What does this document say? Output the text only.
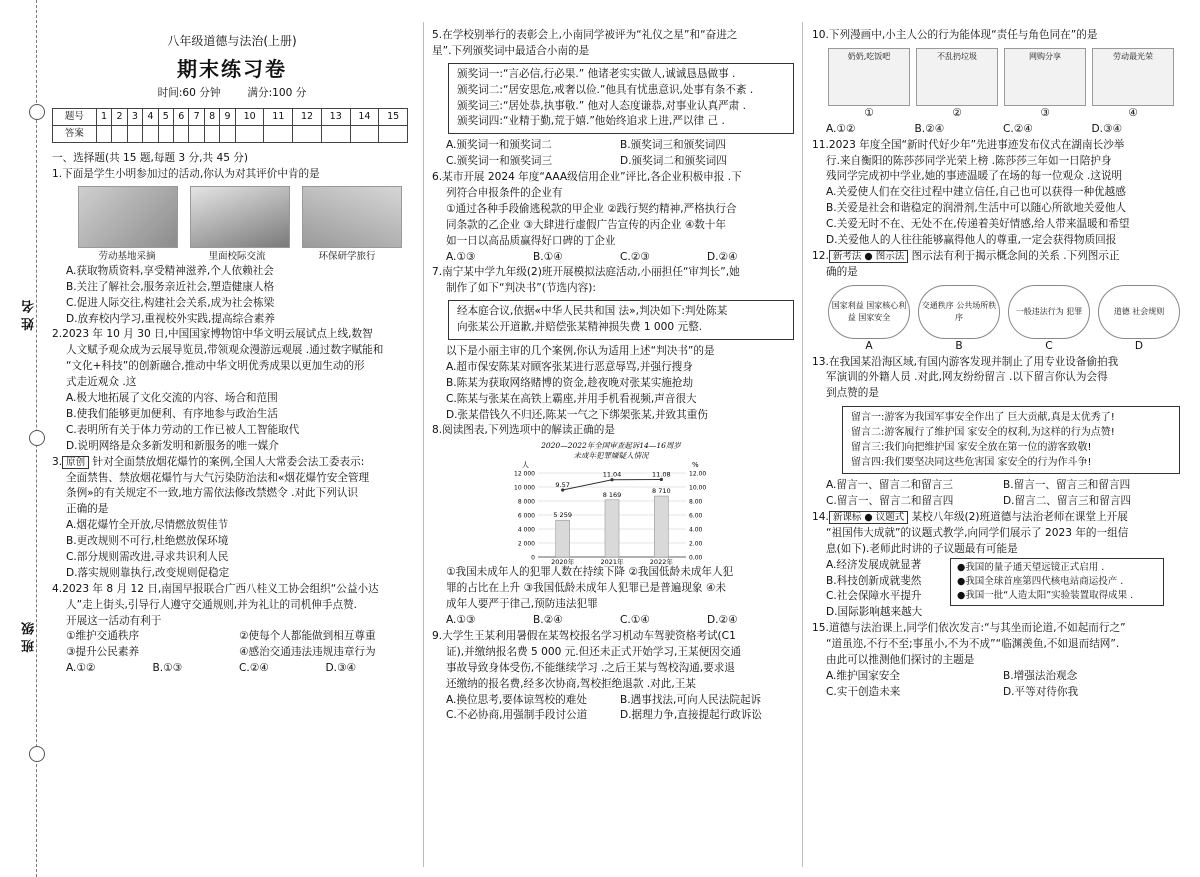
姓 名
班 级
八年级道德与法治(上册)
期末练习卷
时间:60 分钟	满分:100 分
题号	1	2	3	4	5	6	7	8	9	10	11	12	13	14	15
答案															

一、选择题(共 15 题,每题 3 分,共 45 分)

1.下面是学生小明参加过的活动,你认为对其评价中肯的是

劳动基地采摘	里面校际交流	环保研学旅行

A.获取物质资料,享受精神滋养,个人依赖社会

B.关注了解社会,服务亲近社会,塑造健康人格

C.促进人际交往,构建社会关系,成为社会栋梁

D.放弃校内学习,重视校外实践,提高综合素养

2.2023 年 10 月 30 日,中国国家博物馆中华文明云展试点上线,数智

人文赋予观众成为云展导览员,带领观众漫游远观展 .通过数字赋能和

“文化+科技”的创新融合,推动中华文明优秀成果以更加生动的形

式走近观众 .这

A.极大地拓展了文化交流的内容、场合和范围

B.使我们能够更加便利、有序地参与政治生活

C.表明所有关于体力劳动的工作已被人工智能取代

D.说明网络是众多新发明和新服务的唯一媒介

3. 原创 针对全面禁放烟花爆竹的案例,全国人大常委会法工委表示:

全面禁售、禁放烟花爆竹与大气污染防治法和«烟花爆竹安全管理

条例»的有关规定不一致,地方需依法修改禁燃令 .对此下列认识

正确的是

A.烟花爆竹全开放,尽情燃放贺佳节

B.更改规则不可行,杜绝燃放保环境

C.部分规则需改进,寻求共识利人民

D.落实规则靠执行,改变规则促稳定

4.2023 年 8 月 12 日,南国早报联合广西八桂义工协会组织“公益小达

人”走上街头,引导行人遵守交通规则,并为礼让的司机伸手点赞.

开展这一活动有利于

①维护交通秩序	②使每个人都能做到相互尊重
③提升公民素养	④感治交通违法违规违章行为
A.①②	B.①③	C.②④	D.③④

5.在学校别举行的表彰会上,小南同学被评为“礼仪之星”和“奋进之

星”.下列颁奖词中最适合小南的是

颁奖词一:“言必信,行必果.” 他诸老实实做人,诚诚恳恳做事 .

颁奖词二:“居安思危,戒奢以俭.”他具有忧患意识,处事有条不紊 .

颁奖词三:“居处恭,执事敬.” 他对人态度谦恭,对事业认真严肃 .

颁奖词四:“业精于勤,荒于嬉.”他始终追求上进,严以律 己 .

A.颁奖词一和颁奖词二	B.颁奖词三和颁奖词四
C.颁奖词一和颁奖词三	D.颁奖词二和颁奖词四

6.某市开展 2024 年度“AAA级信用企业”评比,各企业积极申报 .下

列符合申报条件的企业有

①通过各种手段偷逃税款的甲企业 ②践行契约精神,严格执行合

同条款的乙企业 ③大肆进行虚假广告宣传的丙企业 ④数十年

如一日以高品质赢得好口碑的丁企业

A.①③	B.①④	C.②③	D.②④

7.南宁某中学九年级(2)班开展模拟法庭活动,小丽担任“审判长”,她

制作了如下“判决书”(节选内容):

经本庭合议,依据«中华人民共和国 法»,判决如下:判处陈某

向张某公开道歉,并赔偿张某精神损失费 1 000 元整.

以下是小丽主审的几个案例,你认为适用上述“判决书”的是

A.超市保安陈某对顾客张某进行恶意辱骂,并强行搜身

B.陈某为获取网络赌博的资金,趁夜晚对张某实施抢劫

C.陈某与张某在高铁上霸座,并用手机看视频,声音很大

D.张某借钱久不归还,陈某一气之下绑架张某,并致其重伤

8.阅读图表,下列选项中的解读正确的是

2020—2022年全国审查起诉14—16周岁
未成年犯罪嫌疑人情况
人	%
0	0.00
2 000	2.00
4 000	4.00
6 000	6.00
8 000	8.00
10 000	10.00
12 000	12.00
5 259
2020年
8 169
2021年
8 710
2022年
9.57
11.04	11.08

①我国未成年人的犯罪人数在持续下降 ②我国低龄未成年人犯

罪的占比在上升 ③我国低龄未成年人犯罪已是普遍现象 ④未

成年人要严于律己,预防违法犯罪

A.①③	B.②④	C.①④	D.②④

9.大学生王某利用暑假在某驾校报名学习机动车驾驶资格考试(C1

证),并缴纳报名费 5 000 元.但还未正式开始学习,王某便因交通

事故导致身体受伤,不能继续学习 .之后王某与驾校沟通,要求退

还缴纳的报名费,经多次协商,驾校拒绝退款 .对此,王某

A.换位思考,要体谅驾校的难处	B.遇事找法,可向人民法院起诉
C.不必协商,用强制手段讨公道	D.据理力争,直接提起行政诉讼

10.下列漫画中,小主人公的行为能体现“责任与角色同在”的是

奶奶,吃饭吧	不乱扔垃圾	网购分享	劳动最光荣
①	②	③	④
A.①②	B.②④	C.②④	D.③④

11.2023 年度全国“新时代好少年”先进事迹发布仪式在湖南长沙举

行.来自衡阳的陈莎莎同学光荣上榜 .陈莎莎三年如一日陪护身

残同学完成初中学业,她的事迹温暖了在场的每一位观众 .这说明

A.关爱使人们在交往过程中建立信任,自己也可以获得一种优越感

B.关爱是社会和谐稳定的润滑剂,生活中可以随心所欲地关爱他人

C.关爱无时不在、无处不在,传递着美好情感,给人带来温暖和希望

D.关爱他人的人往往能够赢得他人的尊重,一定会获得物质回报

12. 新考法 ● 图示法 图示法有利于揭示概念间的关系 .下列图示正

确的是

国家利益 国家核心利益 国家安全
交通秩序 公共场所秩序
一般违法行为 犯罪	道德 社会规则
A	B	C	D

13.在我国某沿海区域,有国内游客发现并制止了用专业设备偷拍我

军演训的外籍人员 .对此,网友纷纷留言 .以下留言你认为会得

到点赞的是

留言一:游客为我国军事安全作出了 巨大贡献,真是太优秀了!

留言二:游客履行了维护国 家安全的权利,为这样的行为点赞!

留言三:我们向把维护国 家安全放在第一位的游客致敬!

留言四:我们要坚决同这些危害国 家安全的行为作斗争!

A.留言一、留言二和留言三	B.留言一、留言三和留言四
C.留言一、留言二和留言四	D.留言二、留言三和留言四

14. 新课标 ● 议题式 某校八年级(2)班道德与法治老师在课堂上开展

“祖国伟大成就”的议题式教学,向同学们展示了 2023 年的一组信

息(如下).老师此时讲的子议题最有可能是

A.经济发展成就显著

B.科技创新成就斐然

C.社会保障水平提升

D.国际影响越来越大

●我国的量子通天望远镜正式启用 .

●我国全球首座第四代核电站商运投产 .

●我国一批“人造太阳”实验装置取得成果 .

15.道德与法治课上,同学们依次发言:“与其坐而论道,不如起而行之”

“道虽迩,不行不至;事虽小,不为不成”“临渊羡鱼,不如退而结网”.

由此可以推测他们探讨的主题是

A.维护国家安全	B.增强法治观念
C.实干创造未来	D.平等对待你我
